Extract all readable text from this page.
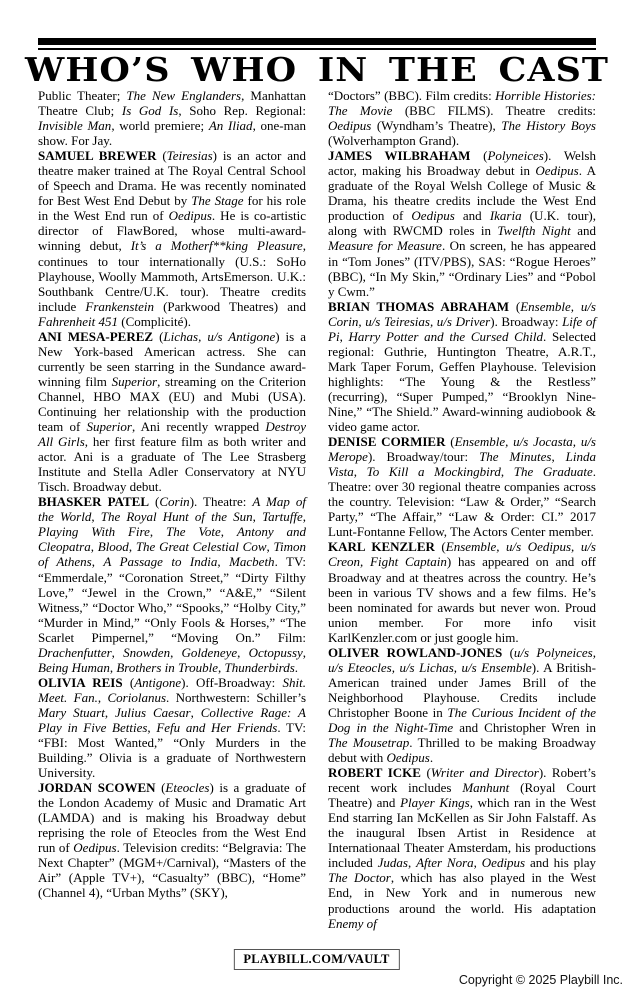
WHO’S WHO IN THE CAST

Public Theater; The New Englanders, Manhattan Theatre Club; Is God Is, Soho Rep. Regional: Invisible Man, world premiere; An Iliad, one-man show. For Jay.

SAMUEL BREWER (Teiresias) is an actor and theatre maker trained at The Royal Central School of Speech and Drama. He was recently nominated for Best West End Debut by The Stage for his role in the West End run of Oedipus. He is co-artistic director of FlawBored, whose multi-award-winning debut, It’s a Motherf**king Pleasure, continues to tour internationally (U.S.: SoHo Playhouse, Woolly Mammoth, ArtsEmerson. U.K.: Southbank Centre/U.K. tour). Theatre credits include Frankenstein (Parkwood Theatres) and Fahrenheit 451 (Complicité).

ANI MESA-PEREZ (Lichas, u/s Antigone) is a New York-based American actress. She can currently be seen starring in the Sundance award-winning film Superior, streaming on the Criterion Channel, HBO MAX (EU) and Mubi (USA). Continuing her relationship with the production team of Superior, Ani recently wrapped Destroy All Girls, her first feature film as both writer and actor. Ani is a graduate of The Lee Strasberg Institute and Stella Adler Conservatory at NYU Tisch. Broadway debut.

BHASKER PATEL (Corin). Theatre: A Map of the World, The Royal Hunt of the Sun, Tartuffe, Playing With Fire, The Vote, Antony and Cleopatra, Blood, The Great Celestial Cow, Timon of Athens, A Passage to India, Macbeth. TV: “Emmerdale,” “Coronation Street,” “Dirty Filthy Love,” “Jewel in the Crown,” “A&E,” “Silent Witness,” “Doctor Who,” “Spooks,” “Holby City,” “Murder in Mind,” “Only Fools & Horses,” “The Scarlet Pimpernel,” “Moving On.” Film: Drachenfutter, Snowden, Goldeneye, Octopussy, Being Human, Brothers in Trouble, Thunderbirds.

OLIVIA REIS (Antigone). Off-Broadway: Shit. Meet. Fan., Coriolanus. Northwestern: Schiller’s Mary Stuart, Julius Caesar, Collective Rage: A Play in Five Betties, Fefu and Her Friends. TV: “FBI: Most Wanted,” “Only Murders in the Building.” Olivia is a graduate of Northwestern University.

JORDAN SCOWEN (Eteocles) is a graduate of the London Academy of Music and Dramatic Art (LAMDA) and is making his Broadway debut reprising the role of Eteocles from the West End run of Oedipus. Television credits: “Belgravia: The Next Chapter” (MGM+/Carnival), “Masters of the Air” (Apple TV+), “Casualty” (BBC), “Home” (Channel 4), “Urban Myths” (SKY),

“Doctors” (BBC). Film credits: Horrible Histories: The Movie (BBC FILMS). Theatre credits: Oedipus (Wyndham’s Theatre), The History Boys (Wolverhampton Grand).

JAMES WILBRAHAM (Polyneices). Welsh actor, making his Broadway debut in Oedipus. A graduate of the Royal Welsh College of Music & Drama, his theatre credits include the West End production of Oedipus and Ikaria (U.K. tour), along with RWCMD roles in Twelfth Night and Measure for Measure. On screen, he has appeared in “Tom Jones” (ITV/PBS), SAS: “Rogue Heroes” (BBC), “In My Skin,” “Ordinary Lies” and “Pobol y Cwm.”

BRIAN THOMAS ABRAHAM (Ensemble, u/s Corin, u/s Teiresias, u/s Driver). Broadway: Life of Pi, Harry Potter and the Cursed Child. Selected regional: Guthrie, Huntington Theatre, A.R.T., Mark Taper Forum, Geffen Playhouse. Television highlights: “The Young & the Restless” (recurring), “Super Pumped,” “Brooklyn Nine-Nine,” “The Shield.” Award-winning audiobook & video game actor.

DENISE CORMIER (Ensemble, u/s Jocasta, u/s Merope). Broadway/tour: The Minutes, Linda Vista, To Kill a Mockingbird, The Graduate. Theatre: over 30 regional theatre companies across the country. Television: “Law & Order,” “Search Party,” “The Affair,” “Law & Order: CI.” 2017 Lunt-Fontanne Fellow, The Actors Center member.

KARL KENZLER (Ensemble, u/s Oedipus, u/s Creon, Fight Captain) has appeared on and off Broadway and at theatres across the country. He’s been in various TV shows and a few films. He’s been nominated for awards but never won. Proud union member. For more info visit KarlKenzler.com or just google him.

OLIVER ROWLAND-JONES (u/s Polyneices, u/s Eteocles, u/s Lichas, u/s Ensemble). A British-American trained under James Brill of the Neighborhood Playhouse. Credits include Christopher Boone in The Curious Incident of the Dog in the Night-Time and Christopher Wren in The Mousetrap. Thrilled to be making Broadway debut with Oedipus.

ROBERT ICKE (Writer and Director). Robert’s recent work includes Manhunt (Royal Court Theatre) and Player Kings, which ran in the West End starring Ian McKellen as Sir John Falstaff. As the inaugural Ibsen Artist in Residence at Internationaal Theater Amsterdam, his productions included Judas, After Nora, Oedipus and his play The Doctor, which has also played in the West End, in New York and in numerous new productions around the world. His adaptation Enemy of

PLAYBILL.COM/VAULT
Copyright © 2025 Playbill Inc.
